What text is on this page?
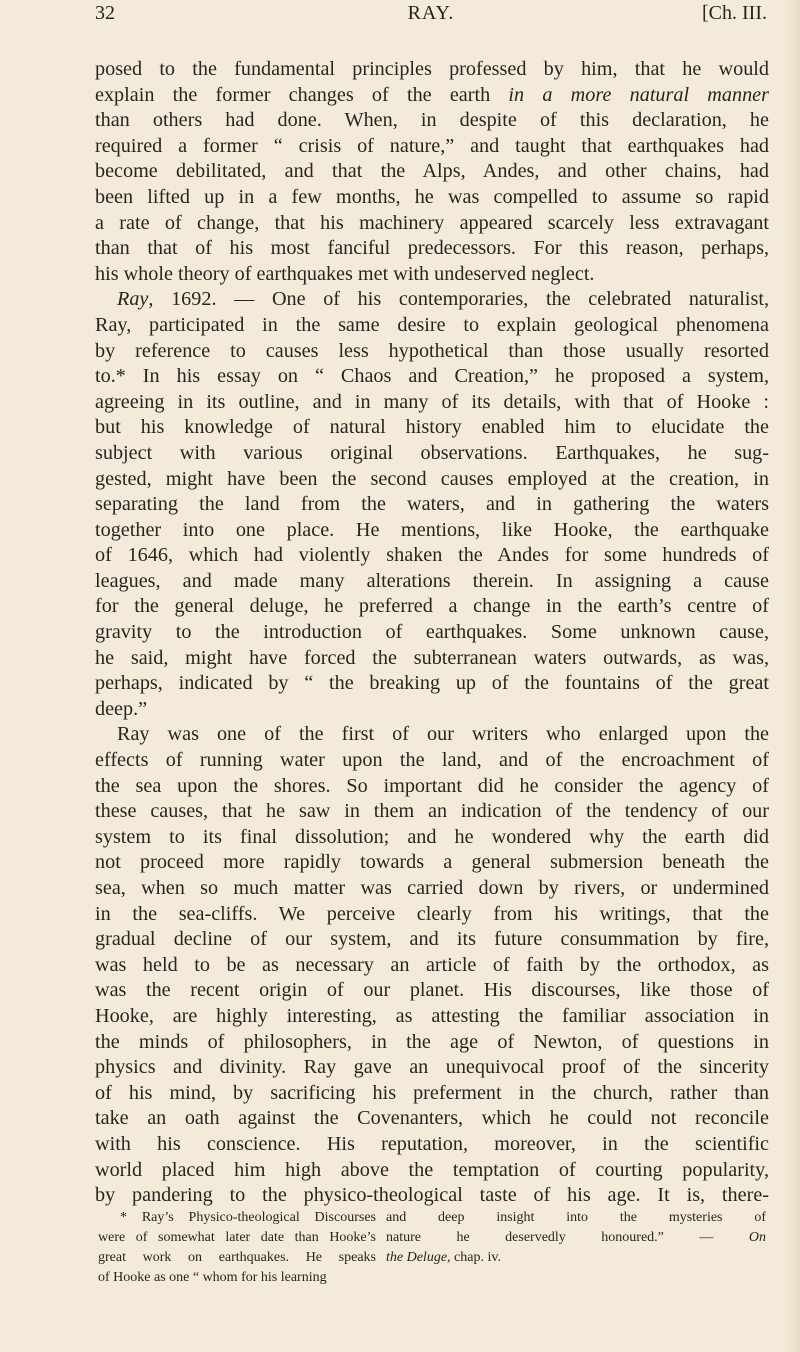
32	RAY.	[Ch. III.
posed to the fundamental principles professed by him, that he would
explain the former changes of the earth in a more natural manner
than others had done. When, in despite of this declaration, he
required a former “ crisis of nature,” and taught that earthquakes had
become debilitated, and that the Alps, Andes, and other chains, had
been lifted up in a few months, he was compelled to assume so rapid
a rate of change, that his machinery appeared scarcely less extravagant
than that of his most fanciful predecessors. For this reason, perhaps,
his whole theory of earthquakes met with undeserved neglect.
Ray, 1692. — One of his contemporaries, the celebrated naturalist,
Ray, participated in the same desire to explain geological phenomena
by reference to causes less hypothetical than those usually resorted
to.* In his essay on “ Chaos and Creation,” he proposed a system,
agreeing in its outline, and in many of its details, with that of Hooke :
but his knowledge of natural history enabled him to elucidate the
subject with various original observations. Earthquakes, he sug-
gested, might have been the second causes employed at the creation, in
separating the land from the waters, and in gathering the waters
together into one place. He mentions, like Hooke, the earthquake
of 1646, which had violently shaken the Andes for some hundreds of
leagues, and made many alterations therein. In assigning a cause
for the general deluge, he preferred a change in the earth’s centre of
gravity to the introduction of earthquakes. Some unknown cause,
he said, might have forced the subterranean waters outwards, as was,
perhaps, indicated by “ the breaking up of the fountains of the great
deep.”
Ray was one of the first of our writers who enlarged upon the
effects of running water upon the land, and of the encroachment of
the sea upon the shores. So important did he consider the agency of
these causes, that he saw in them an indication of the tendency of our
system to its final dissolution; and he wondered why the earth did
not proceed more rapidly towards a general submersion beneath the
sea, when so much matter was carried down by rivers, or undermined
in the sea-cliffs. We perceive clearly from his writings, that the
gradual decline of our system, and its future consummation by fire,
was held to be as necessary an article of faith by the orthodox, as
was the recent origin of our planet. His discourses, like those of
Hooke, are highly interesting, as attesting the familiar association in
the minds of philosophers, in the age of Newton, of questions in
physics and divinity. Ray gave an unequivocal proof of the sincerity
of his mind, by sacrificing his preferment in the church, rather than
take an oath against the Covenanters, which he could not reconcile
with his conscience. His reputation, moreover, in the scientific
world placed him high above the temptation of courting popularity,
by pandering to the physico-theological taste of his age. It is, there-
* Ray’s Physico-theological Discourses
were of somewhat later date than Hooke’s
great work on earthquakes. He speaks
of Hooke as one “ whom for his learning
and deep insight into the mysteries of
nature he deservedly honoured.” — On
the Deluge, chap. iv.
